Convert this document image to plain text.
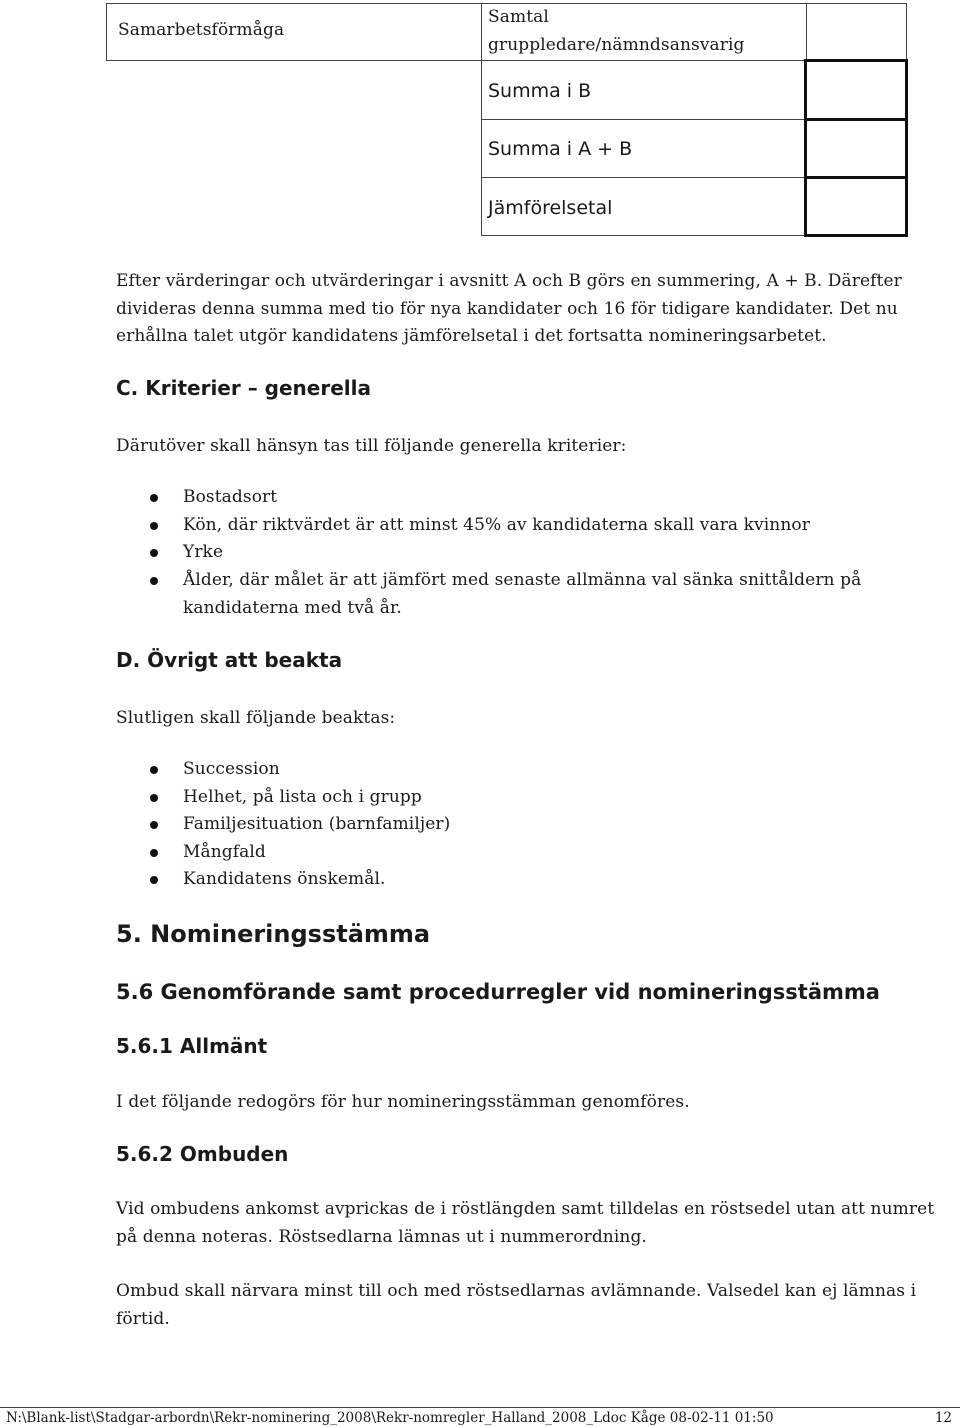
Samarbetsförmåga
Samtal
gruppledare/nämndsansvarig
Summa i B
Summa i A + B
Jämförelsetal
Efter värderingar och utvärderingar i avsnitt A och B görs en summering, A + B. Därefter
divideras denna summa med tio för nya kandidater och 16 för tidigare kandidater. Det nu
erhållna talet utgör kandidatens jämförelsetal i det fortsatta nomineringsarbetet.
C. Kriterier – generella
Därutöver skall hänsyn tas till följande generella kriterier:
Bostadsort
Kön, där riktvärdet är att minst 45% av kandidaterna skall vara kvinnor
Yrke
Ålder, där målet är att jämfört med senaste allmänna val sänka snittåldern på
kandidaterna med två år.
D. Övrigt att beakta
Slutligen skall följande beaktas:
Succession
Helhet, på lista och i grupp
Familjesituation (barnfamiljer)
Mångfald
Kandidatens önskemål.
5. Nomineringsstämma
5.6 Genomförande samt procedurregler vid nomineringsstämma
5.6.1 Allmänt
I det följande redogörs för hur nomineringsstämman genomföres.
5.6.2 Ombuden
Vid ombudens ankomst avprickas de i röstlängden samt tilldelas en röstsedel utan att numret
på denna noteras. Röstsedlarna lämnas ut i nummerordning.
Ombud skall närvara minst till och med röstsedlarnas avlämnande. Valsedel kan ej lämnas i
förtid.
N:\Blank-list\Stadgar-arbordn\Rekr-nominering_2008\Rekr-nomregler_Halland_2008_Ldoc Kåge 08-02-11 01:50	12
